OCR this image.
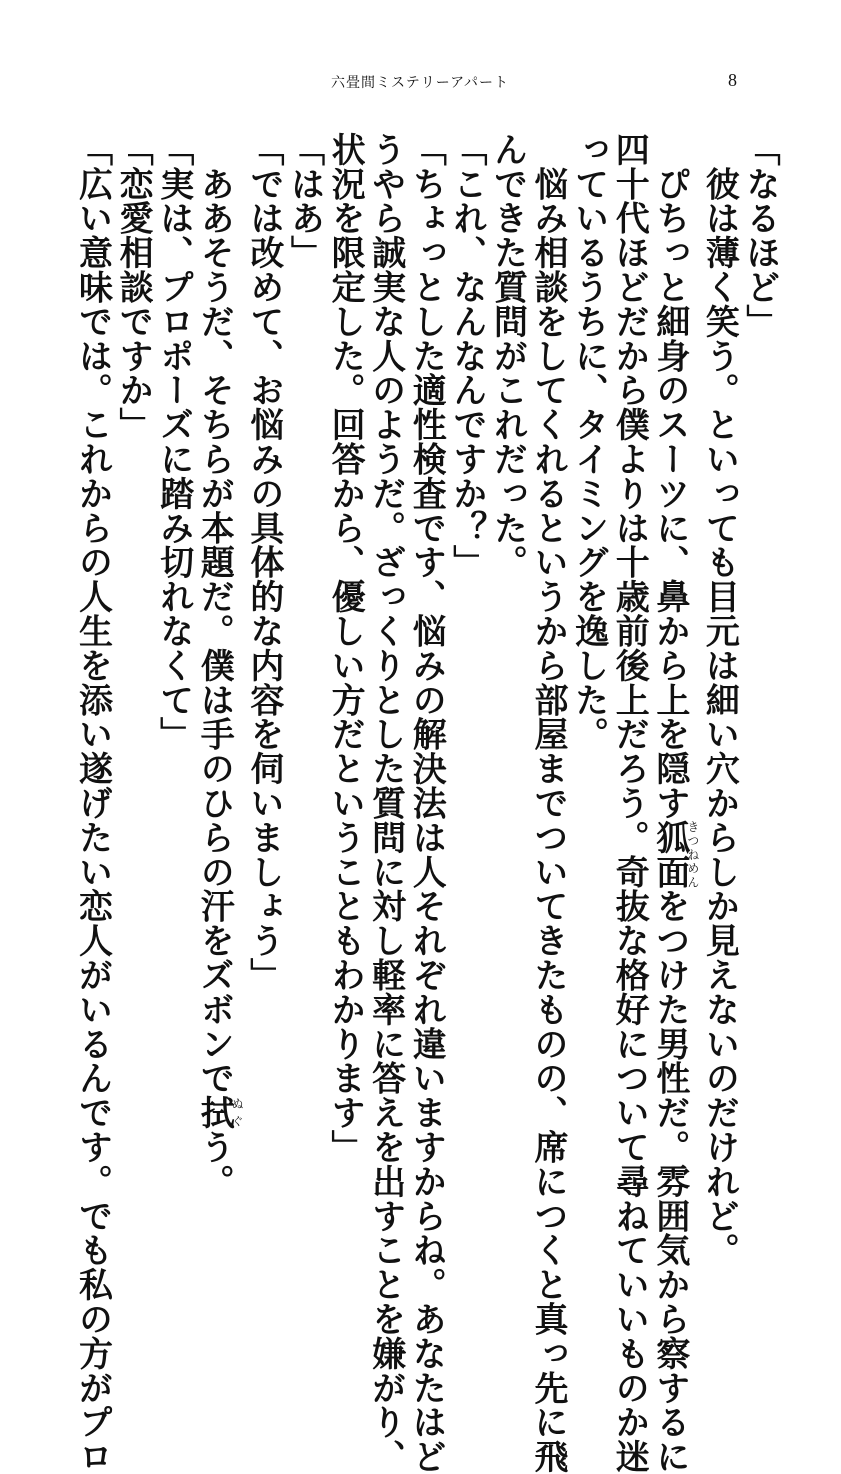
六畳間ミステリーアパート	8
「なるほど」
　彼は薄く笑う。といっても目元は細い穴からしか見えないのだけれど。
　ぴちっと細身のスーツに、鼻から上を隠す狐面きつねめんをつけた男性だ。雰囲気から察するに
四十代ほどだから僕よりは十歳前後上だろう。奇抜な格好について尋ねていいものか迷
っているうちに、タイミングを逸した。
　悩み相談をしてくれるというから部屋までついてきたものの、席につくと真っ先に飛
んできた質問がこれだった。
「これ、なんなんですか？」
「ちょっとした適性検査です、悩みの解決法は人それぞれ違いますからね。あなたはど
うやら誠実な人のようだ。ざっくりとした質問に対し軽率に答えを出すことを嫌がり、
状況を限定した。回答から、優しい方だということもわかります」
「はあ」
「では改めて、お悩みの具体的な内容を伺いましょう」
　ああそうだ、そちらが本題だ。僕は手のひらの汗をズボンで拭ぬぐう。
「実は、プロポーズに踏み切れなくて」
「恋愛相談ですか」
「広い意味では。これからの人生を添い遂げたい恋人がいるんです。でも私の方がプロ
